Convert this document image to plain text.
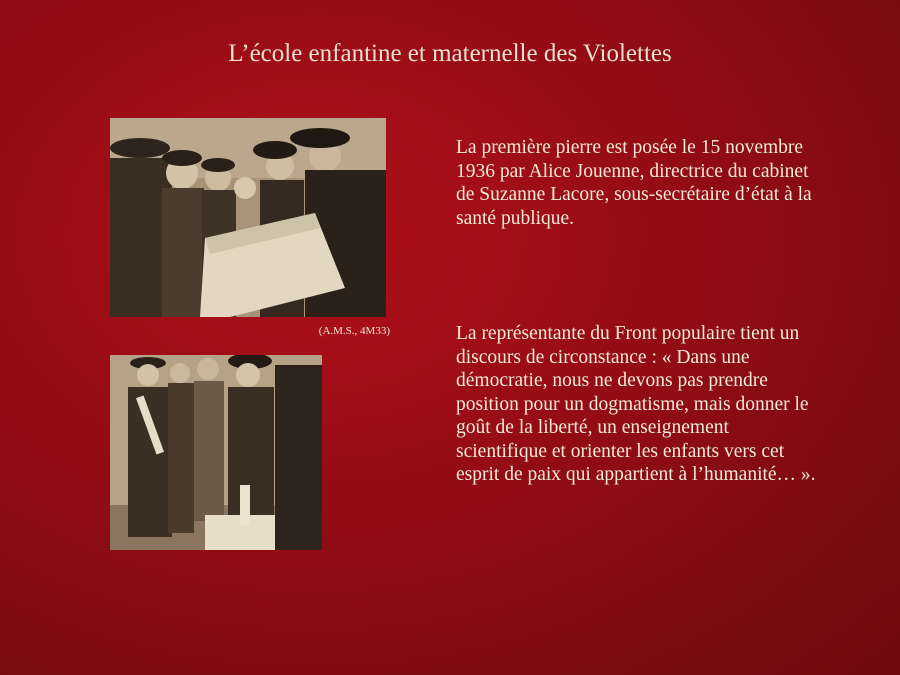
L’école enfantine et maternelle des Violettes
(A.M.S., 4M33)
La première pierre est posée le 15 novembre 1936 par Alice Jouenne, directrice du cabinet de Suzanne Lacore, sous-secrétaire d’état à la santé publique.
La représentante du Front populaire tient un discours de circonstance : « Dans une démocratie, nous ne devons pas prendre position pour un dogmatisme, mais donner le goût de la liberté, un enseignement scientifique et orienter les enfants vers cet esprit de paix qui appartient à l’humanité… ».
